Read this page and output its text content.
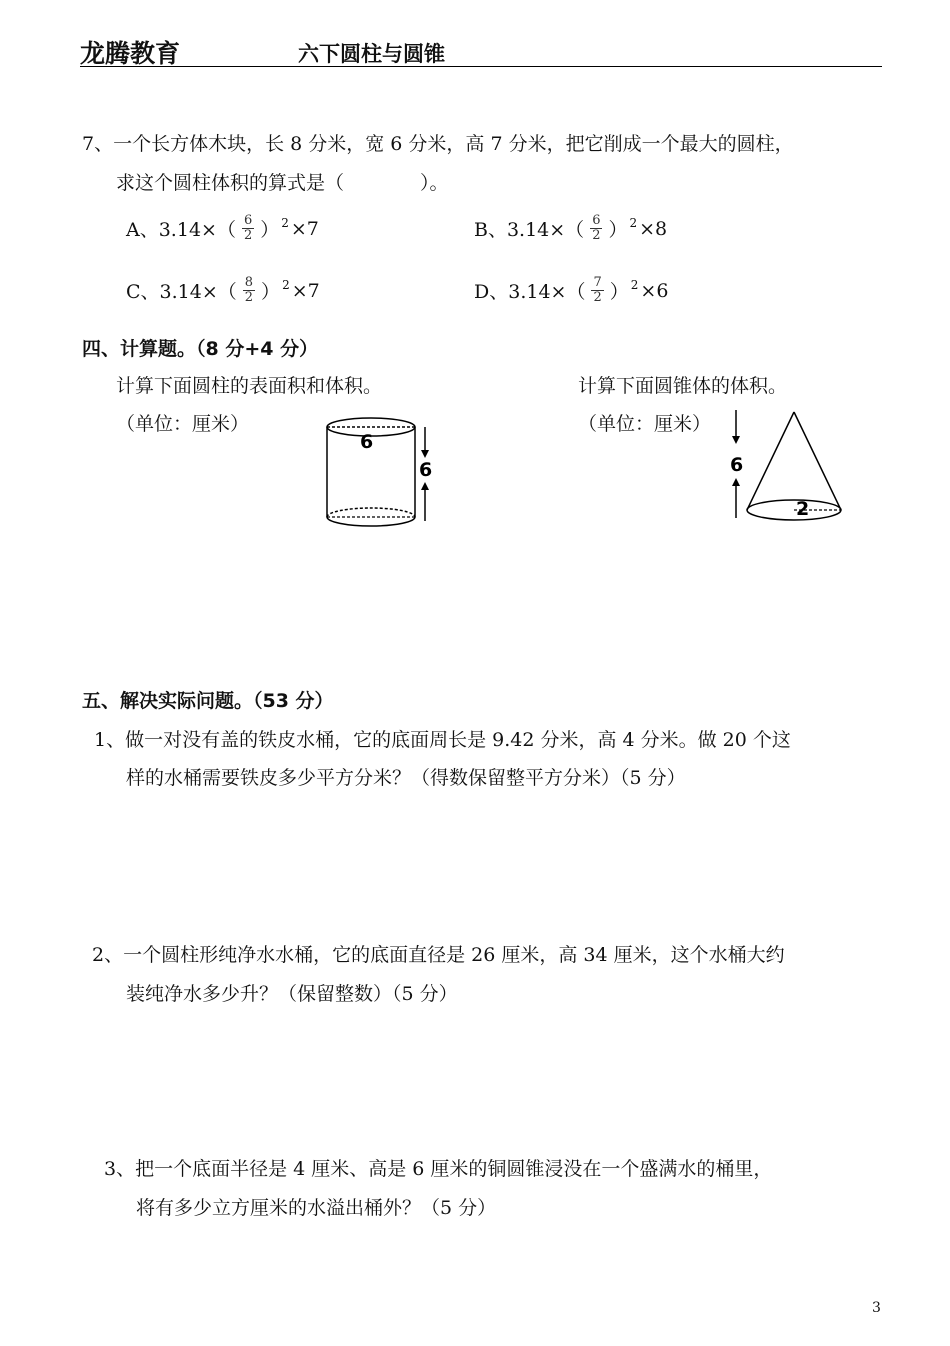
龙腾教育	六下圆柱与圆锥
7、一个长方体木块，长 8 分米，宽 6 分米，高 7 分米，把它削成一个最大的圆柱，
求这个圆柱体积的算式是（　　　　）。
A、$3.14\times( \frac{6}{2}$ ） 2 ×7	B、$3.14\times( \frac{6}{2}$ ） 2 ×8
C、$3.14\times( \frac{8}{2}$ ） 2 ×7	D、$3.14\times( \frac{7}{2}$ ） 2 ×6
四、计算题。（8 分+4 分）
计算下面圆柱的表面积和体积。
（单位：厘米）
计算下面圆锥体的体积。
（单位：厘米）
6
6	6
2
五、解决实际问题。（53 分）
1、做一对没有盖的铁皮水桶，它的底面周长是 9.42 分米，高 4 分米。做 20 个这
样的水桶需要铁皮多少平方分米？（得数保留整平方分米）（5 分）
2、一个圆柱形纯净水水桶，它的底面直径是 26 厘米，高 34 厘米，这个水桶大约
装纯净水多少升？（保留整数）（5 分）
3、把一个底面半径是 4 厘米、高是 6 厘米的铜圆锥浸没在一个盛满水的桶里，
将有多少立方厘米的水溢出桶外？（5 分）
3
